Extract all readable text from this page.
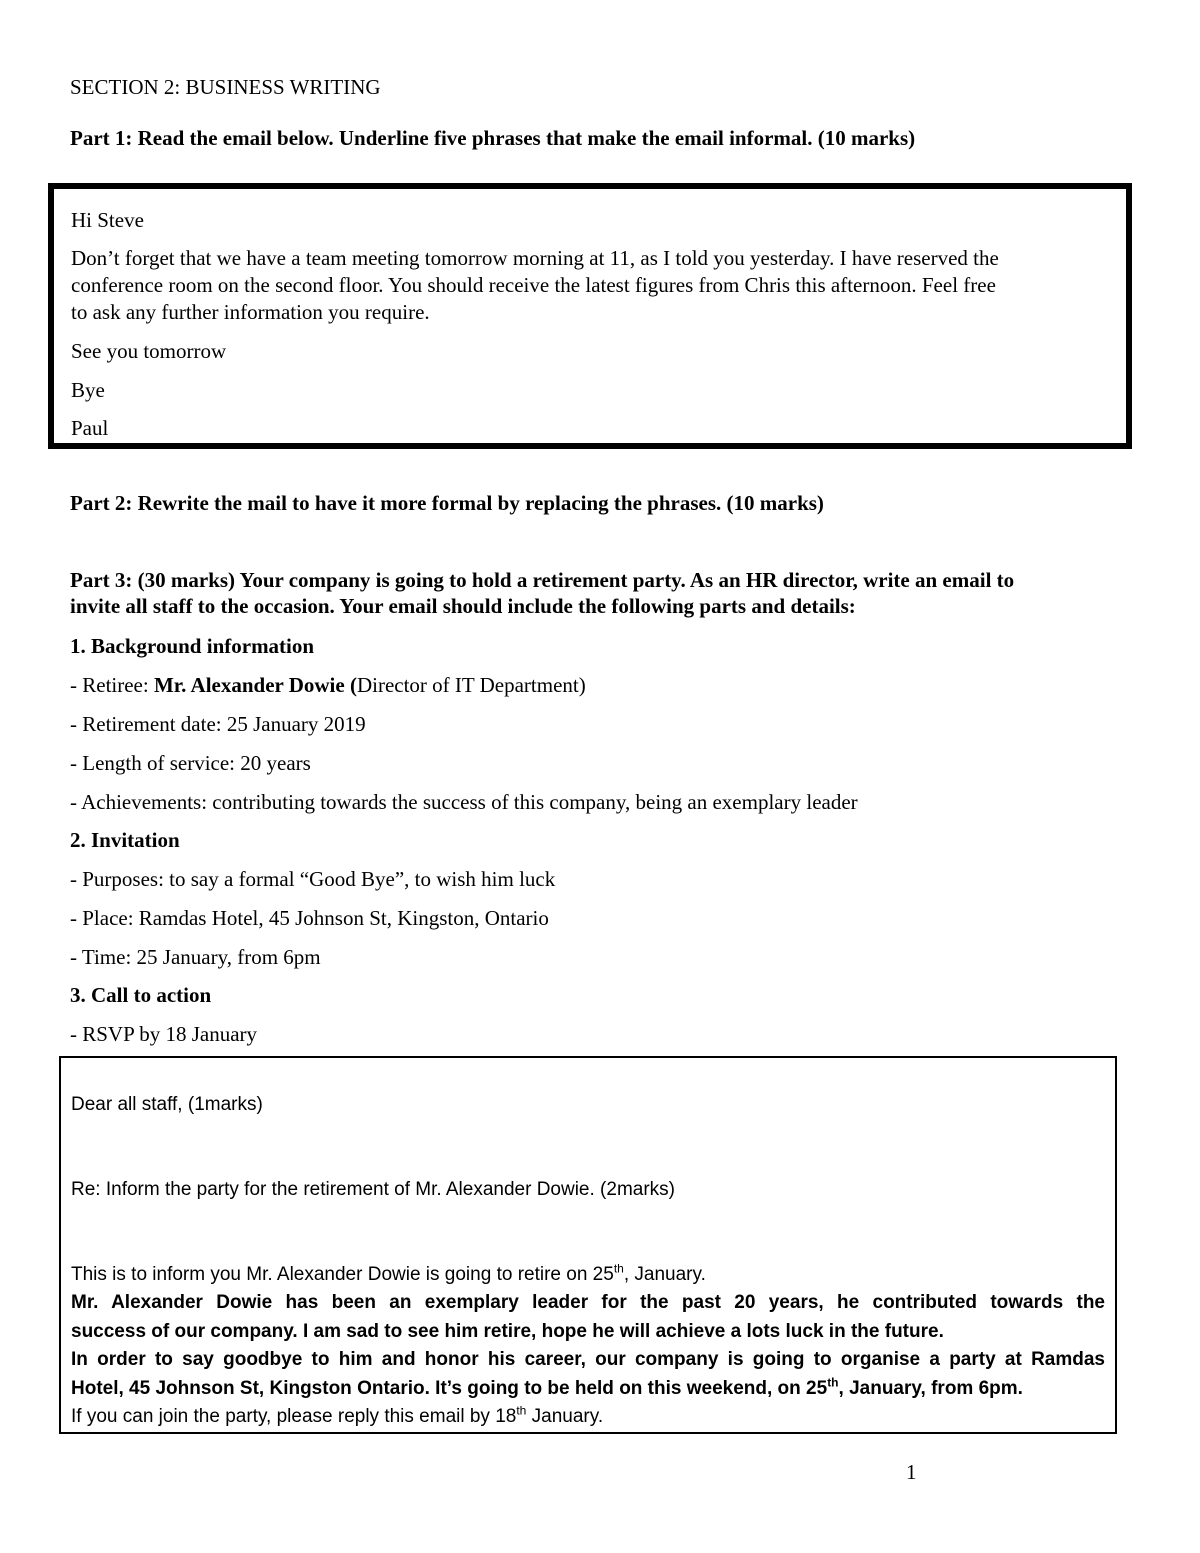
SECTION 2: BUSINESS WRITING
Part 1: Read the email below. Underline five phrases that make the email informal. (10 marks)
Hi Steve
Don’t forget that we have a team meeting tomorrow morning at 11, as I told you yesterday. I have reserved the
conference room on the second floor. You should receive the latest figures from Chris this afternoon. Feel free
to ask any further information you require.
See you tomorrow
Bye
Paul
Part 2: Rewrite the mail to have it more formal by replacing the phrases. (10 marks)
Part 3: (30 marks) Your company is going to hold a retirement party. As an HR director, write an email to
invite all staff to the occasion. Your email should include the following parts and details:
1. Background information
- Retiree: Mr. Alexander Dowie (Director of IT Department)
- Retirement date: 25 January 2019
- Length of service: 20 years
- Achievements: contributing towards the success of this company, being an exemplary leader
2. Invitation
- Purposes: to say a formal “Good Bye”, to wish him luck
- Place: Ramdas Hotel, 45 Johnson St, Kingston, Ontario
- Time: 25 January, from 6pm
3. Call to action
- RSVP by 18 January
Dear all staff, (1marks)
Re: Inform the party for the retirement of Mr. Alexander Dowie. (2marks)
This is to inform you Mr. Alexander Dowie is going to retire on 25th, January.
Mr. Alexander Dowie has been an exemplary leader for the past 20 years, he contributed towards the
success of our company. I am sad to see him retire, hope he will achieve a lots luck in the future.
In order to say goodbye to him and honor his career, our company is going to organise a party at Ramdas
Hotel, 45 Johnson St, Kingston Ontario. It’s going to be held on this weekend, on 25th, January, from 6pm.
If you can join the party, please reply this email by 18th January.
1
